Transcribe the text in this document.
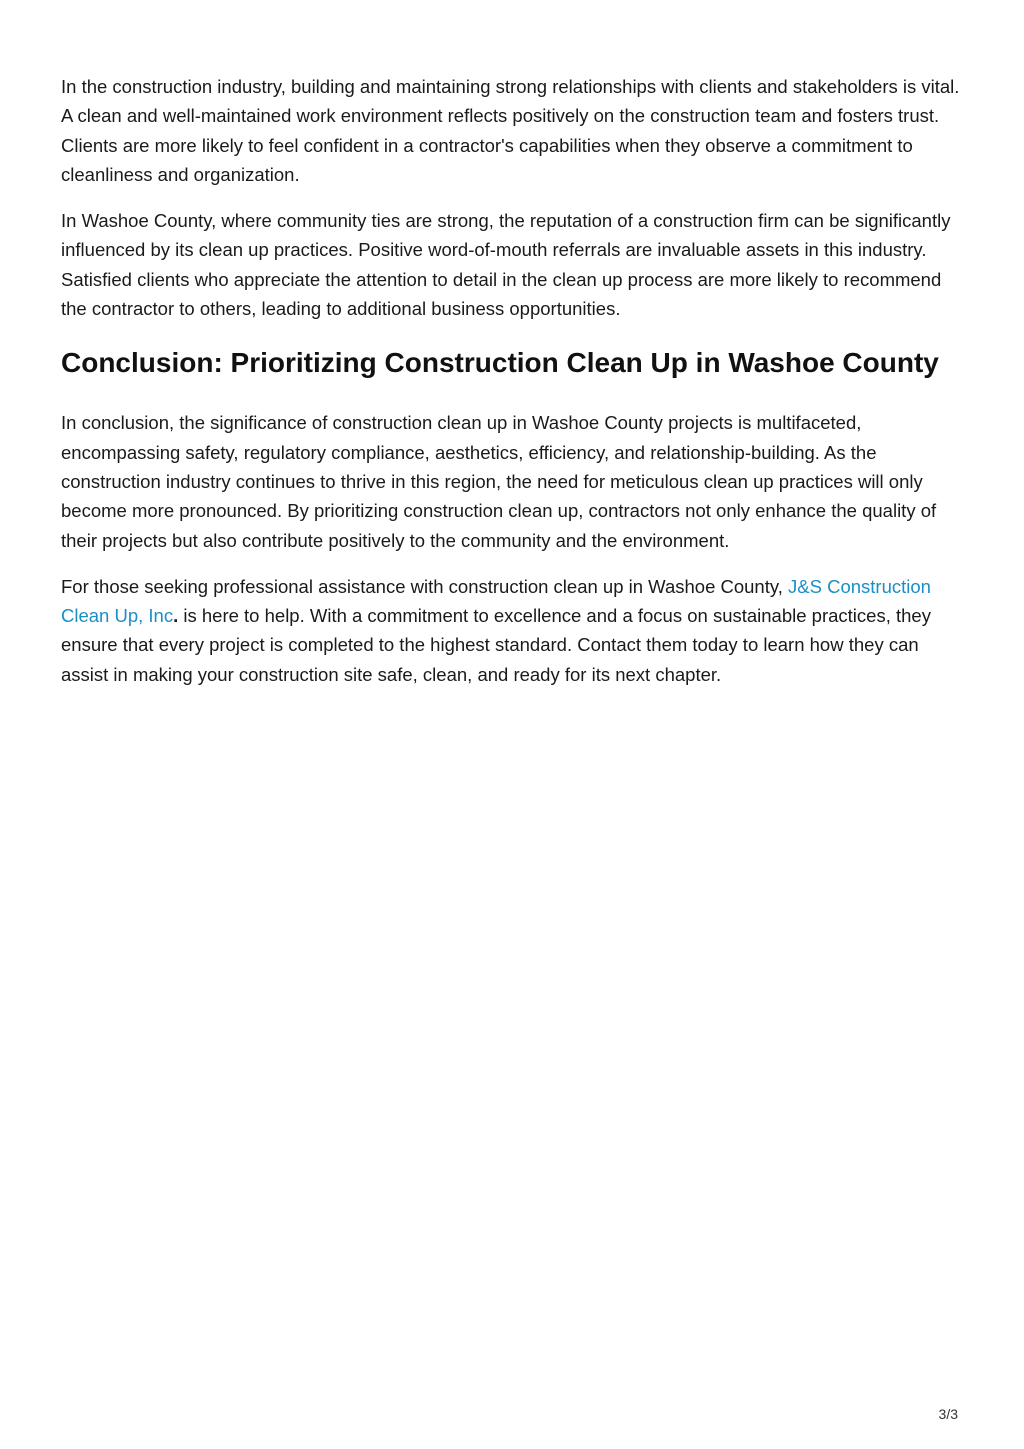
In the construction industry, building and maintaining strong relationships with clients and stakeholders is vital. A clean and well-maintained work environment reflects positively on the construction team and fosters trust. Clients are more likely to feel confident in a contractor's capabilities when they observe a commitment to cleanliness and organization.

In Washoe County, where community ties are strong, the reputation of a construction firm can be significantly influenced by its clean up practices. Positive word-of-mouth referrals are invaluable assets in this industry. Satisfied clients who appreciate the attention to detail in the clean up process are more likely to recommend the contractor to others, leading to additional business opportunities.

Conclusion: Prioritizing Construction Clean Up in Washoe County

In conclusion, the significance of construction clean up in Washoe County projects is multifaceted, encompassing safety, regulatory compliance, aesthetics, efficiency, and relationship-building. As the construction industry continues to thrive in this region, the need for meticulous clean up practices will only become more pronounced. By prioritizing construction clean up, contractors not only enhance the quality of their projects but also contribute positively to the community and the environment.

For those seeking professional assistance with construction clean up in Washoe County, J&S Construction Clean Up, Inc. is here to help. With a commitment to excellence and a focus on sustainable practices, they ensure that every project is completed to the highest standard. Contact them today to learn how they can assist in making your construction site safe, clean, and ready for its next chapter.

3/3
